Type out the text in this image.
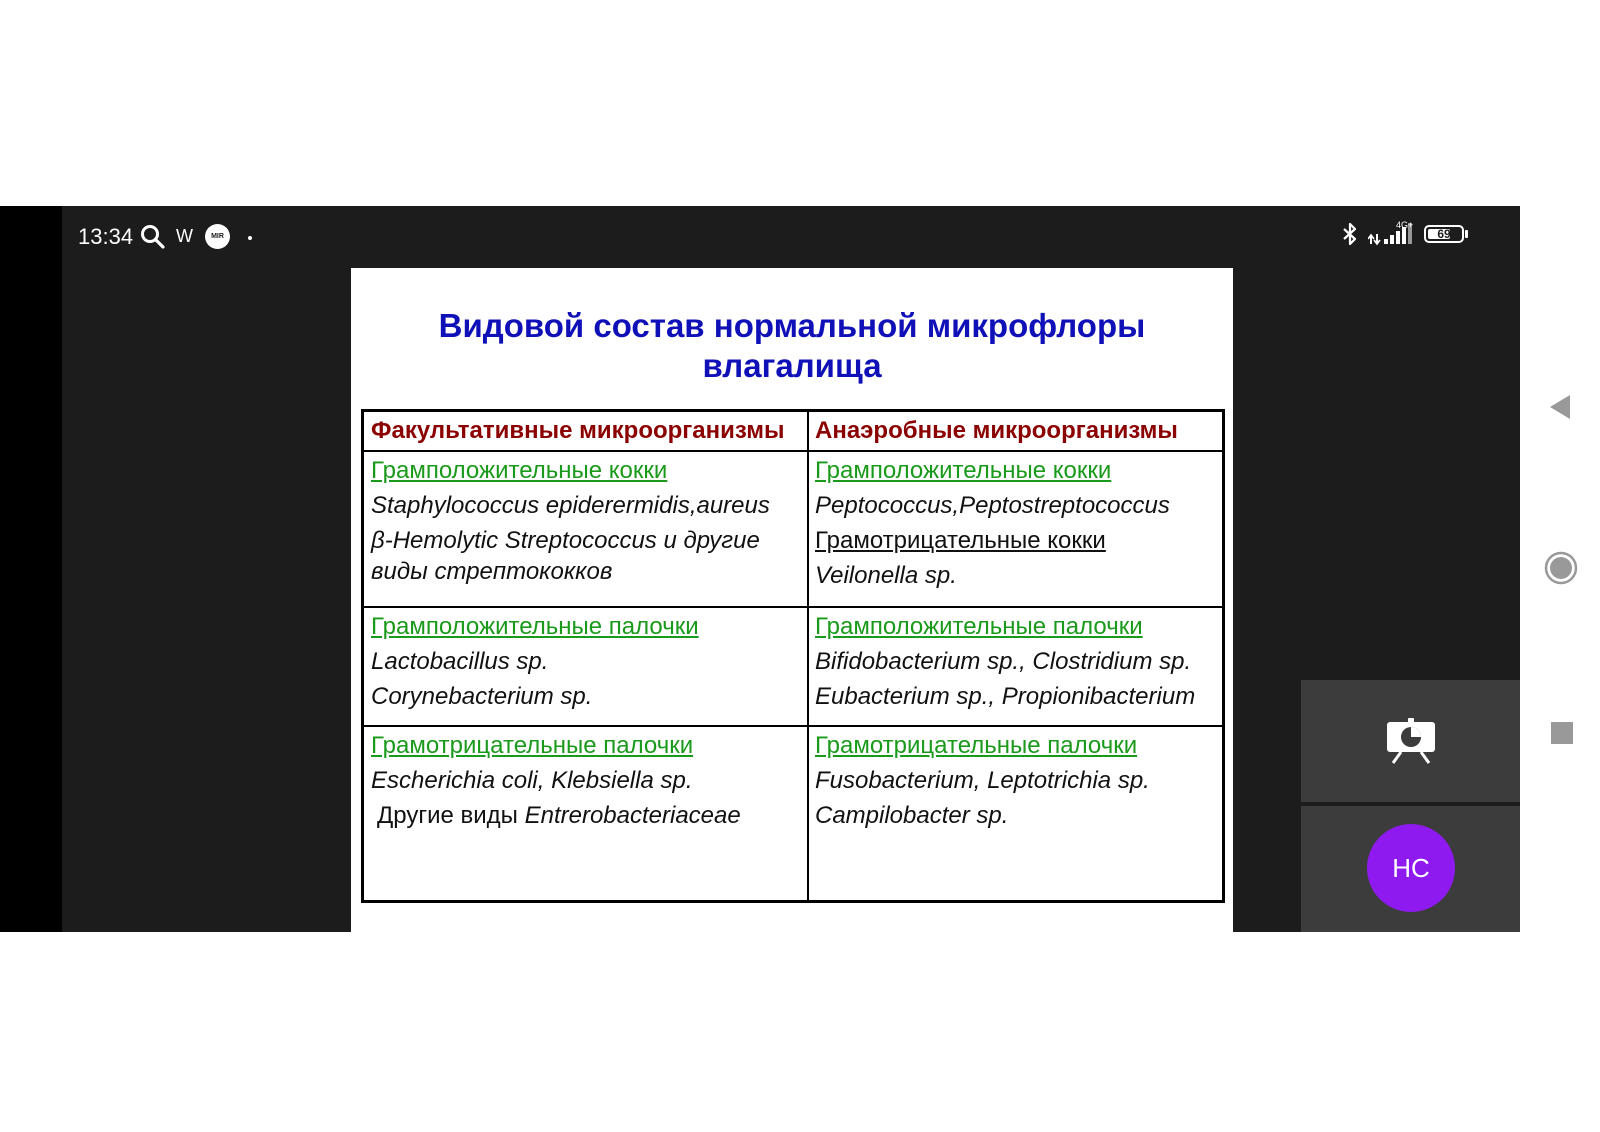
13:34 W	MIR
4G+
69
Видовой состав нормальной микрофлоры
влагалища
Факультативные микроорганизмы	Анаэробные микроорганизмы
Грамположительные кокки
Staphylococcus epiderermidis,aureus
β-Hemolytic Streptococcus и другие
виды стрептококков
Грамположительные кокки
Peptococcus,Peptostreptococcus
Грамотрицательные кокки
Veilonella sp.
Грамположительные палочки
Lactobacillus sp.
Corynebacterium sp.
Грамположительные палочки
Bifidobacterium sp., Clostridium sp.
Eubacterium sp., Propionibacterium
Грамотрицательные палочки
Escherichia coli, Klebsiella sp.
Другие виды Entrerobacteriaceae
Грамотрицательные палочки
Fusobacterium, Leptotrichia sp.
Campilobacter sp.
НС
